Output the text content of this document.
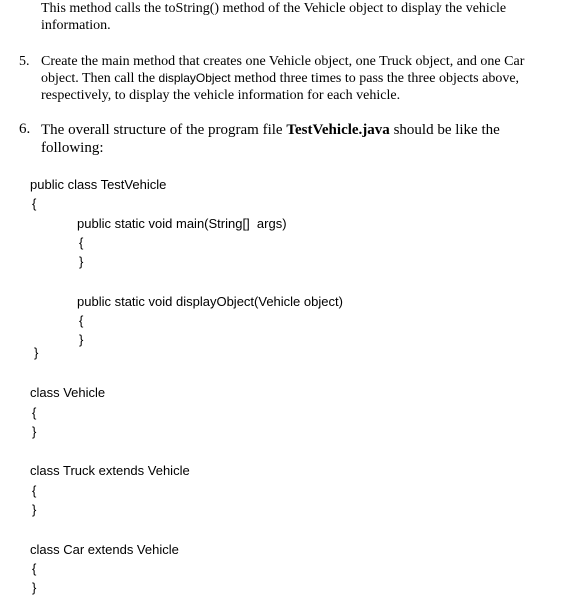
This method calls the toString() method of the Vehicle object to display the vehicle
information.
5. Create the main method that creates one Vehicle object, one Truck object, and one Car
object. Then call the displayObject method three times to pass the three objects above,
respectively, to display the vehicle information for each vehicle.
6. The overall structure of the program file TestVehicle.java should be like the
following:
public class TestVehicle
{
public static void main(String[]  args)
{
}
public static void displayObject(Vehicle object)
{
}
}
class Vehicle
{
}
class Truck extends Vehicle
{
}
class Car extends Vehicle
{
}
